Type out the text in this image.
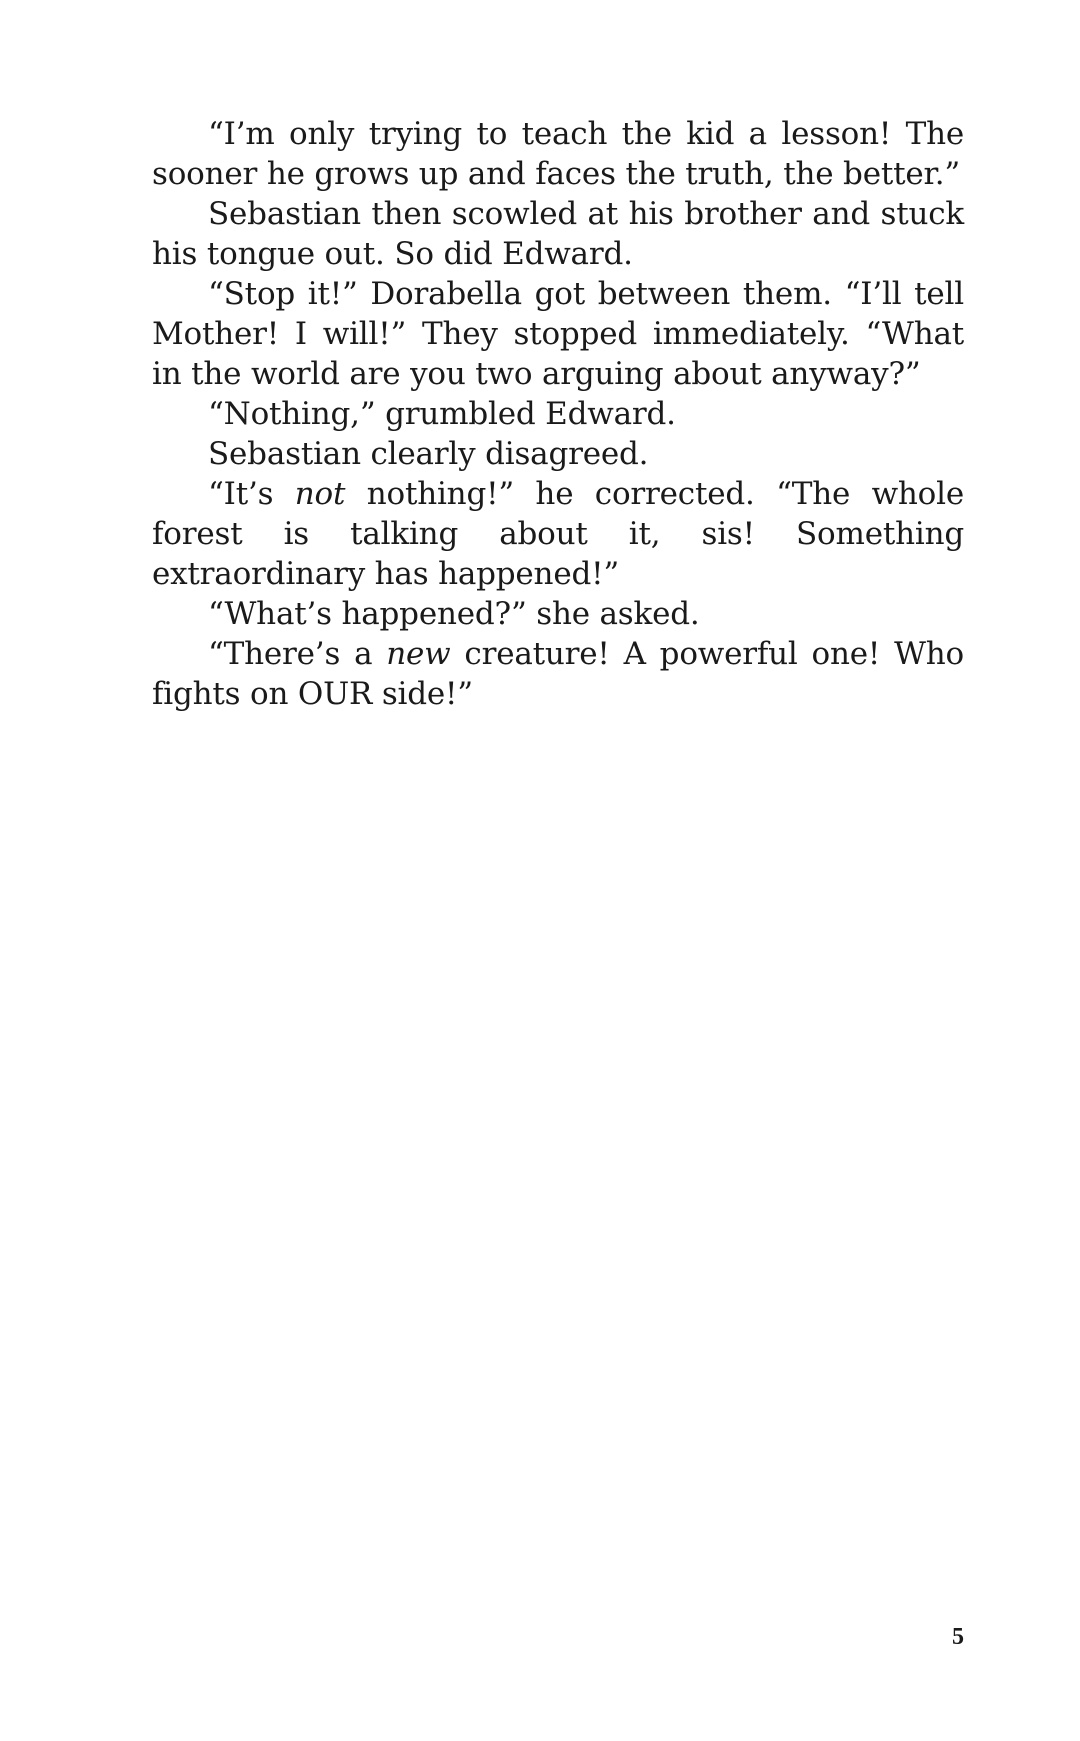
“I’m only trying to teach the kid a lesson! The sooner he grows up and faces the truth, the better.”

Sebastian then scowled at his brother and stuck his tongue out. So did Edward.

“Stop it!” Dorabella got between them. “I’ll tell Mother! I will!” They stopped immediately. “What in the world are you two arguing about anyway?”

“Nothing,” grumbled Edward.

Sebastian clearly disagreed.

“It’s not nothing!” he corrected. “The whole forest is talking about it, sis! Something extraordinary has happened!”

“What’s happened?” she asked.

“There’s a new creature! A powerful one! Who fights on OUR side!”

5
